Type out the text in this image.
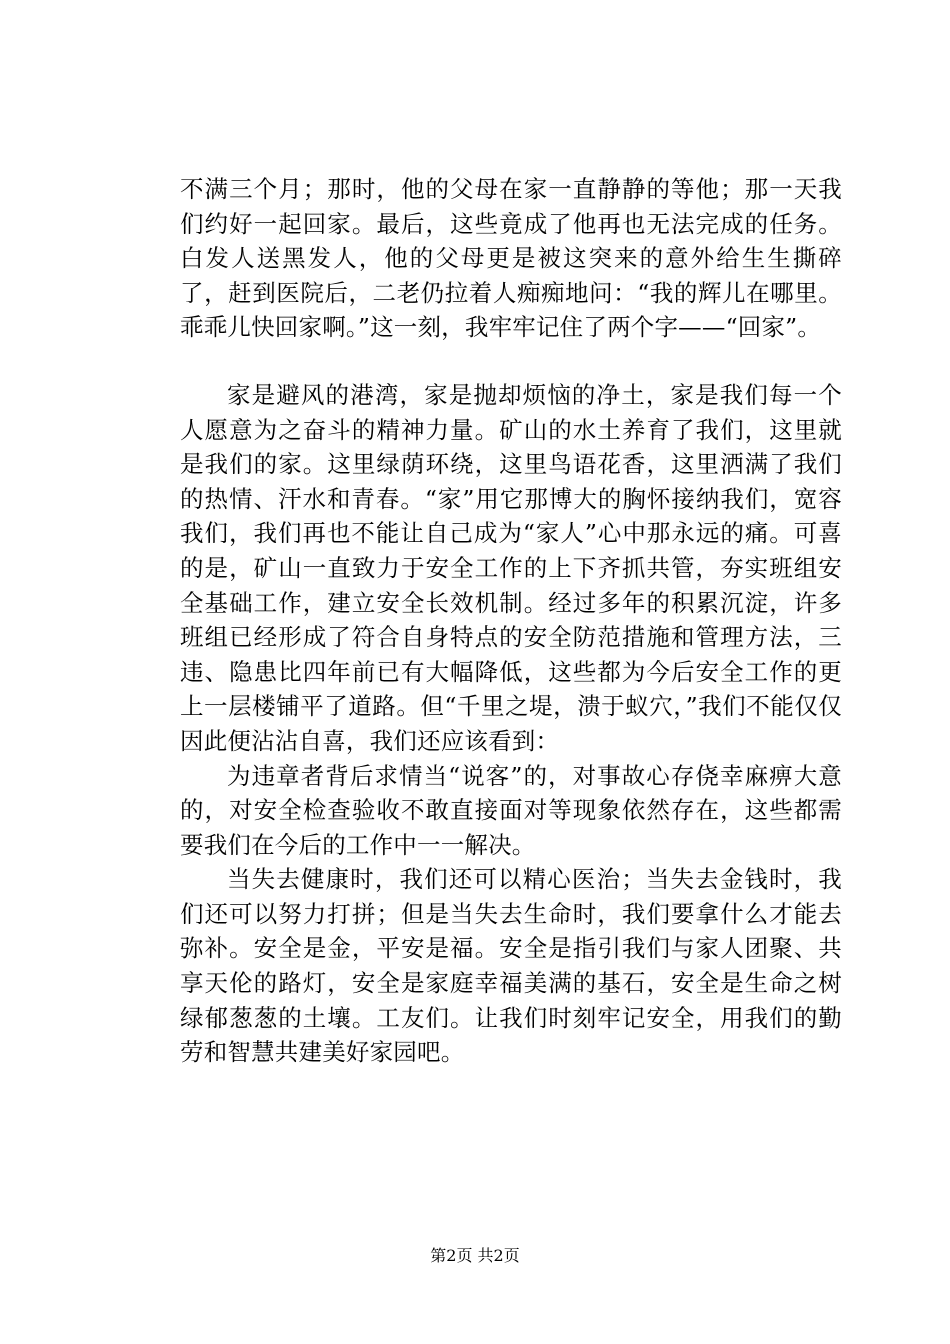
不满三个月；那时，他的父母在家一直静静的等他；那一天我们约好一起回家。最后，这些竟成了他再也无法完成的任务。白发人送黑发人，他的父母更是被这突来的意外给生生撕碎了，赶到医院后，二老仍拉着人痴痴地问：“我的辉儿在哪里。乖乖儿快回家啊。”这一刻，我牢牢记住了两个字——“回家”。

家是避风的港湾，家是抛却烦恼的净土，家是我们每一个人愿意为之奋斗的精神力量。矿山的水土养育了我们，这里就是我们的家。这里绿荫环绕，这里鸟语花香，这里洒满了我们的热情、汗水和青春。“家”用它那博大的胸怀接纳我们，宽容我们，我们再也不能让自己成为“家人”心中那永远的痛。可喜的是，矿山一直致力于安全工作的上下齐抓共管，夯实班组安全基础工作，建立安全长效机制。经过多年的积累沉淀，许多班组已经形成了符合自身特点的安全防范措施和管理方法，三违、隐患比四年前已有大幅降低，这些都为今后安全工作的更上一层楼铺平了道路。但“千里之堤，溃于蚁穴，”我们不能仅仅因此便沾沾自喜，我们还应该看到：

为违章者背后求情当“说客”的，对事故心存侥幸麻痹大意的，对安全检查验收不敢直接面对等现象依然存在，这些都需要我们在今后的工作中一一解决。

当失去健康时，我们还可以精心医治；当失去金钱时，我们还可以努力打拼；但是当失去生命时，我们要拿什么才能去弥补。安全是金，平安是福。安全是指引我们与家人团聚、共享天伦的路灯，安全是家庭幸福美满的基石，安全是生命之树绿郁葱葱的土壤。工友们。让我们时刻牢记安全，用我们的勤劳和智慧共建美好家园吧。

第2页 共2页
